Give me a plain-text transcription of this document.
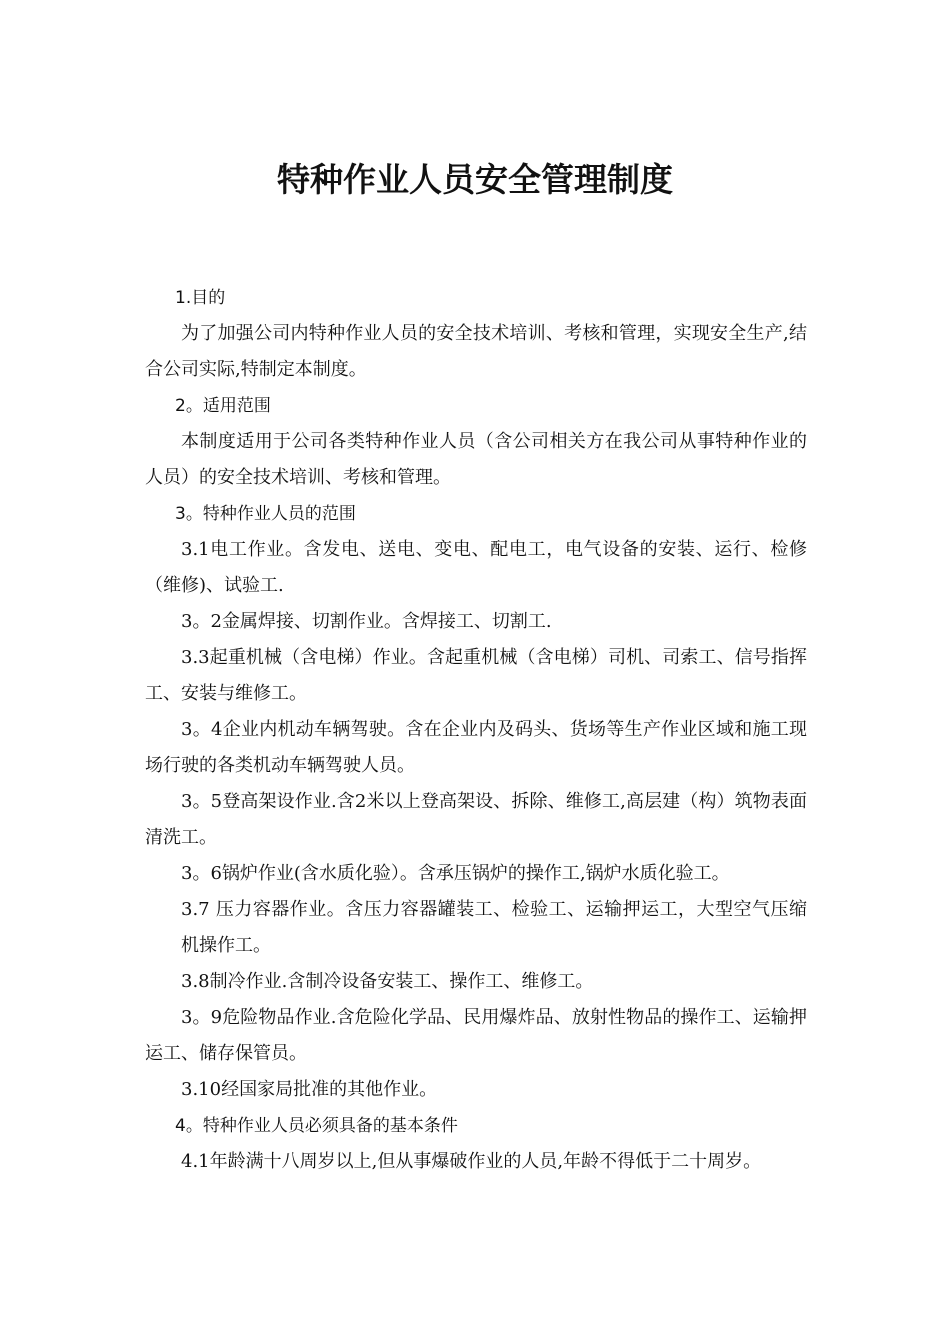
特种作业人员安全管理制度

1.目的

为了加强公司内特种作业人员的安全技术培训、考核和管理，实现安全生产,结合公司实际,特制定本制度。

2。适用范围

本制度适用于公司各类特种作业人员（含公司相关方在我公司从事特种作业的人员）的安全技术培训、考核和管理。

3。特种作业人员的范围

3.1电工作业。含发电、送电、变电、配电工，电气设备的安装、运行、检修（维修)、试验工.

3。2金属焊接、切割作业。含焊接工、切割工.

3.3起重机械（含电梯）作业。含起重机械（含电梯）司机、司索工、信号指挥工、安装与维修工。

3。4企业内机动车辆驾驶。含在企业内及码头、货场等生产作业区域和施工现场行驶的各类机动车辆驾驶人员。

3。5登高架设作业.含2米以上登高架设、拆除、维修工,高层建（构）筑物表面清洗工。

3。6锅炉作业(含水质化验）。含承压锅炉的操作工,锅炉水质化验工。

3.7 压力容器作业。含压力容器罐装工、检验工、运输押运工，大型空气压缩机操作工。

3.8制冷作业.含制冷设备安装工、操作工、维修工。

3。9危险物品作业.含危险化学品、民用爆炸品、放射性物品的操作工、运输押运工、储存保管员。

3.10经国家局批准的其他作业。

4。特种作业人员必须具备的基本条件

4.1年龄满十八周岁以上,但从事爆破作业的人员,年龄不得低于二十周岁。
